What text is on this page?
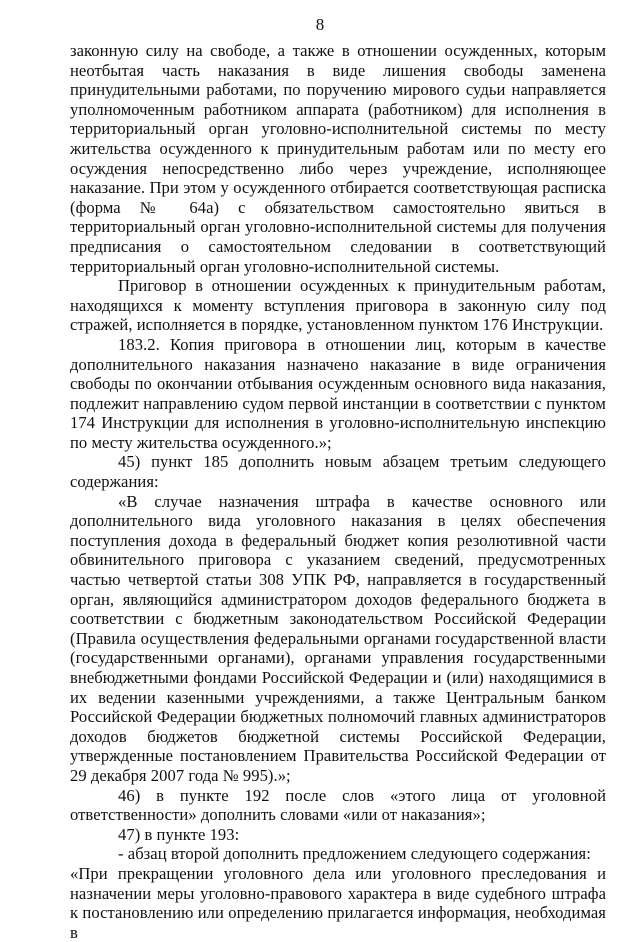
8

законную силу на свободе, а также в отношении осужденных, которым неотбытая часть наказания в виде лишения свободы заменена принудительными работами, по поручению мирового судьи направляется уполномоченным работником аппарата (работником) для исполнения в территориальный орган уголовно-исполнительной системы по месту жительства осужденного к принудительным работам или по месту его осуждения непосредственно либо через учреждение, исполняющее наказание. При этом у осужденного отбирается соответствующая расписка (форма № 64а) с обязательством самостоятельно явиться в территориальный орган уголовно-исполнительной системы для получения предписания о самостоятельном следовании в соответствующий территориальный орган уголовно-исполнительной системы.

Приговор в отношении осужденных к принудительным работам, находящихся к моменту вступления приговора в законную силу под стражей, исполняется в порядке, установленном пунктом 176 Инструкции.

183.2. Копия приговора в отношении лиц, которым в качестве дополнительного наказания назначено наказание в виде ограничения свободы по окончании отбывания осужденным основного вида наказания, подлежит направлению судом первой инстанции в соответствии с пунктом 174 Инструкции для исполнения в уголовно-исполнительную инспекцию по месту жительства осужденного.»;

45) пункт 185 дополнить новым абзацем третьим следующего содержания:

«В случае назначения штрафа в качестве основного или дополнительного вида уголовного наказания в целях обеспечения поступления дохода в федеральный бюджет копия резолютивной части обвинительного приговора с указанием сведений, предусмотренных частью четвертой статьи 308 УПК РФ, направляется в государственный орган, являющийся администратором доходов федерального бюджета в соответствии с бюджетным законодательством Российской Федерации (Правила осуществления федеральными органами государственной власти (государственными органами), органами управления государственными внебюджетными фондами Российской Федерации и (или) находящимися в их ведении казенными учреждениями, а также Центральным банком Российской Федерации бюджетных полномочий главных администраторов доходов бюджетов бюджетной системы Российской Федерации, утвержденные постановлением Правительства Российской Федерации от 29 декабря 2007 года № 995).»;

46) в пункте 192 после слов «этого лица от уголовной ответственности» дополнить словами «или от наказания»;

47) в пункте 193:

- абзац второй дополнить предложением следующего содержания:

«При прекращении уголовного дела или уголовного преследования и назначении меры уголовно-правового характера в виде судебного штрафа к постановлению или определению прилагается информация, необходимая в
